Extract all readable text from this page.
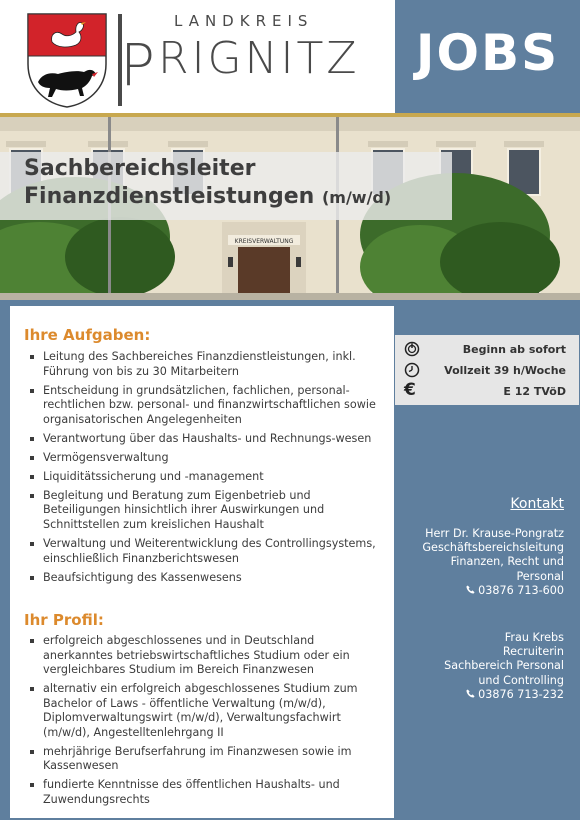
LANDKREIS
P RIGNITZ	JOBS
KREISVERWALTUNG
Sachbereichsleiter
Finanzdienstleistungen (m/w/d)
Ihre Aufgaben:
Leitung des Sachbereiches Finanzdienstleistungen, inkl. Führung von bis zu 30 Mitarbeitern
Entscheidung in grundsätzlichen, fachlichen, personal-rechtlichen bzw. personal- und finanzwirtschaftlichen sowie organisatorischen Angelegenheiten
Verantwortung über das Haushalts- und Rechnungs-wesen
Vermögensverwaltung
Liquiditätssicherung und -management
Begleitung und Beratung zum Eigenbetrieb und Beteiligungen hinsichtlich ihrer Auswirkungen und Schnittstellen zum kreislichen Haushalt
Verwaltung und Weiterentwicklung des Controllingsystems, einschließlich Finanzberichtswesen
Beaufsichtigung des Kassenwesens
Ihr Profil:
erfolgreich abgeschlossenes und in Deutschland anerkanntes betriebswirtschaftliches Studium oder ein vergleichbares Studium im Bereich Finanzwesen
alternativ ein erfolgreich abgeschlossenes Studium zum Bachelor of Laws - öffentliche Verwaltung (m/w/d), Diplomverwaltungswirt (m/w/d), Verwaltungsfachwirt (m/w/d), Angestelltenlehrgang II
mehrjährige Berufserfahrung im Finanzwesen sowie im Kassenwesen
fundierte Kenntnisse des öffentlichen Haushalts- und Zuwendungsrechts
Beginn ab sofort
Vollzeit 39 h/Woche
€	E 12 TVöD
Kontakt
Herr Dr. Krause-Pongratz
Geschäftsbereichsleitung
Finanzen, Recht und
Personal
03876 713-600
Frau Krebs
Recruiterin
Sachbereich Personal
und Controlling
03876 713-232
